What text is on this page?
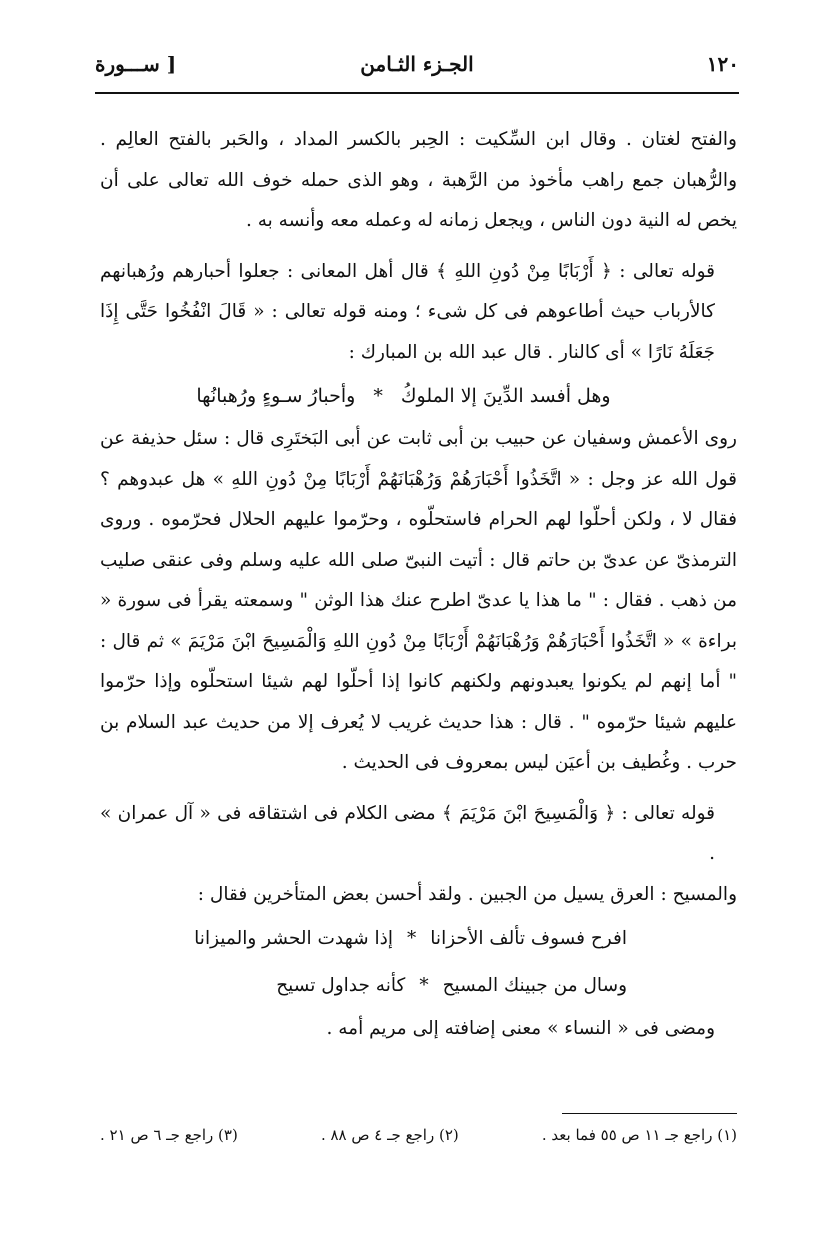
١٢٠
الجـزء الثـامن
[ ســـورة

والفتح لغتان . وقال ابن السِّكيت : الحِبر بالكسر المداد ، والحَبر بالفتح العالِم . والرُّهبان جمع راهب مأخوذ من الرَّهبة ، وهو الذى حمله خوف الله تعالى على أن يخص له النية دون الناس ، ويجعل زمانه له وعمله معه وأنسه به .

قوله تعالى : ﴿ أَرْبَابًا مِنْ دُونِ اللهِ ﴾ قال أهل المعانى : جعلوا أحبارهم ورُهبانهم كالأرباب حيث أطاعوهم فى كل شىء ؛ ومنه قوله تعالى : « قَالَ انْفُخُوا حَتَّى إِذَا جَعَلَهُ نَارًا » أى كالنار . قال عبد الله بن المبارك :

وهل أفسد الدِّينَ إلا الملوكُ*وأحبارُ سـوءٍ ورُهبانُها

روى الأعمش وسفيان عن حبيب بن أبى ثابت عن أبى البَختَرِى قال : سئل حذيفة عن قول الله عز وجل : « اتَّخَذُوا أَحْبَارَهُمْ وَرُهْبَانَهُمْ أَرْبَابًا مِنْ دُونِ اللهِ » هل عبدوهم ؟ فقال لا ، ولكن أحلّوا لهم الحرام فاستحلّوه ، وحرّموا عليهم الحلال فحرّموه . وروى الترمذىّ عن عدىّ بن حاتم قال : أتيت النبىّ صلى الله عليه وسلم وفى عنقى صليب من ذهب . فقال : " ما هذا يا عدىّ اطرح عنك هذا الوثن " وسمعته يقرأ فى سورة « براءة » « اتَّخَذُوا أَحْبَارَهُمْ وَرُهْبَانَهُمْ أَرْبَابًا مِنْ دُونِ اللهِ وَالْمَسِيحَ ابْنَ مَرْيَمَ » ثم قال : " أما إنهم لم يكونوا يعبدونهم ولكنهم كانوا إذا أحلّوا لهم شيئا استحلّوه وإذا حرّموا عليهم شيئا حرّموه " . قال : هذا حديث غريب لا يُعرف إلا من حديث عبد السلام بن حرب . وغُطيف بن أعيَن ليس بمعروف فى الحديث .

قوله تعالى : ﴿ وَالْمَسِيحَ ابْنَ مَرْيَمَ ﴾ مضى الكلام فى اشتقاقه فى « آل عمران » .

والمسيح : العرق يسيل من الجبين . ولقد أحسن بعض المتأخرين فقال :

افرح فسوف تألف الأحزانا*إذا شهدت الحشر والميزانا

وسال من جبينك المسيح*كأنه جداول تسيح

ومضى فى « النساء » معنى إضافته إلى مريم أمه .

(١) راجع جـ ١١ ص ٥٥ فما بعد .
(٢) راجع جـ ٤ ص ٨٨ .
(٣) راجع جـ ٦ ص ٢١ .
